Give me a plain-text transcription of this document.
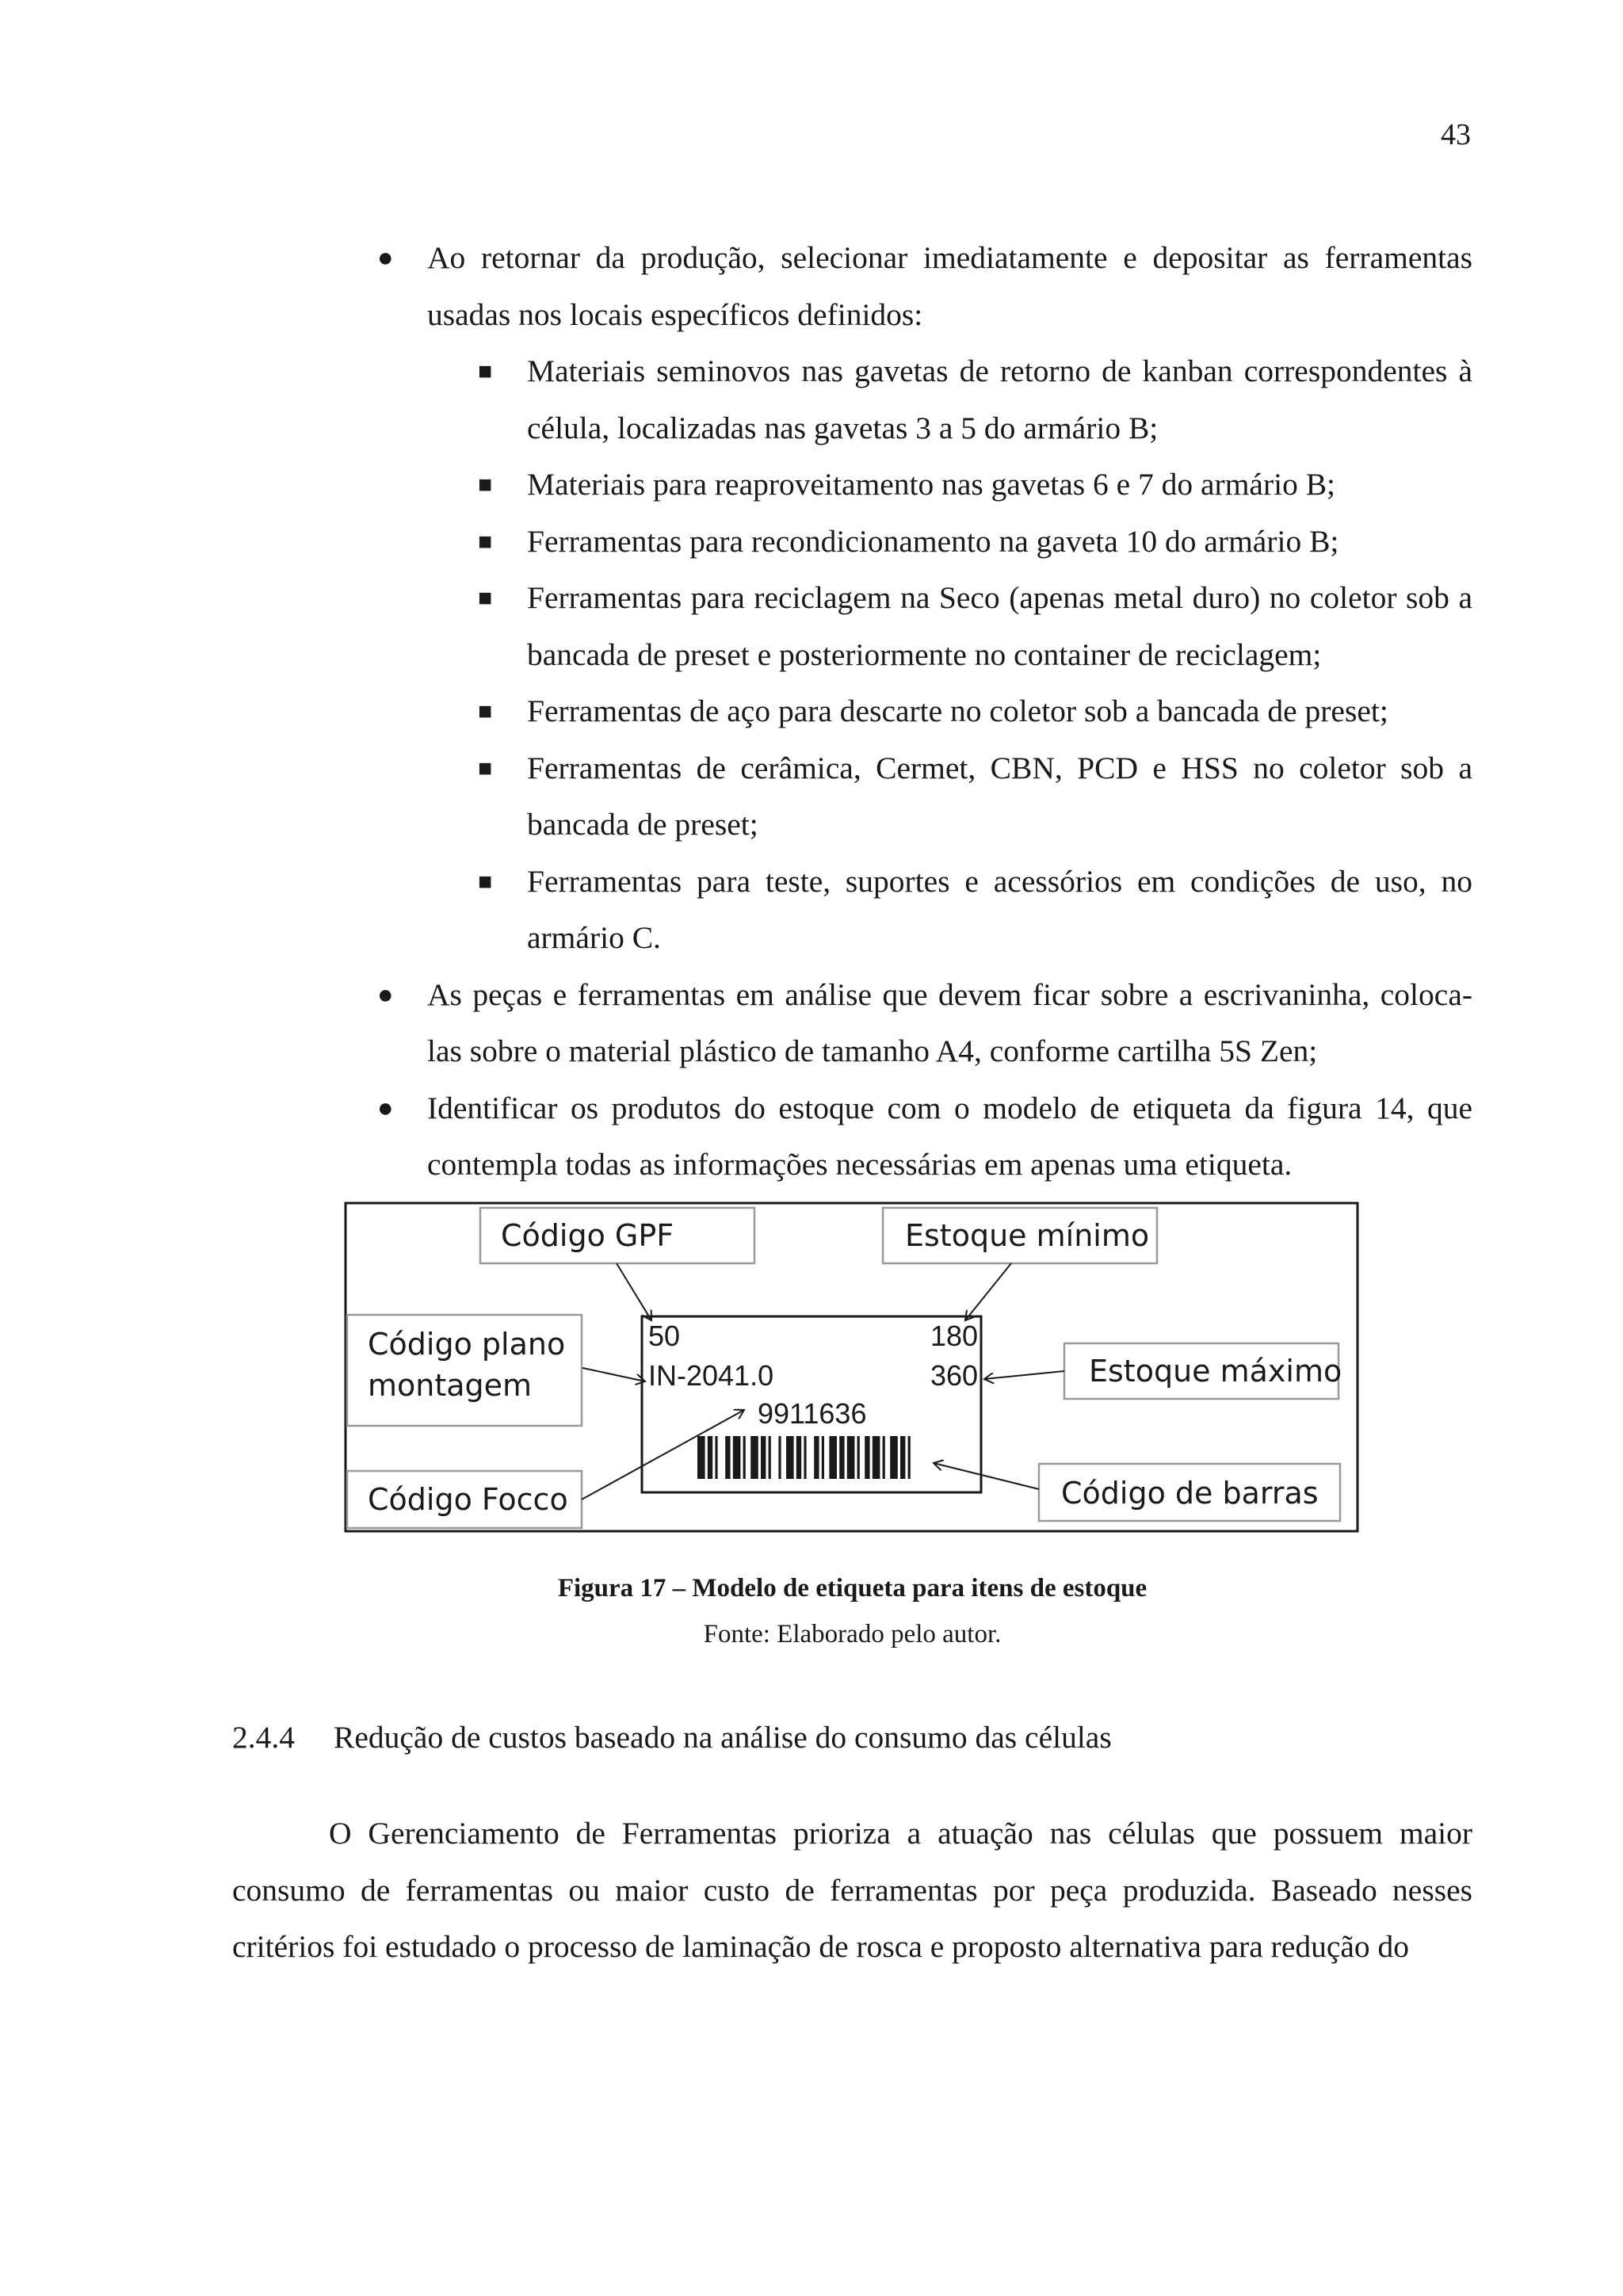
43

● Ao retornar da produção, selecionar imediatamente e depositar as ferramentas usadas nos locais específicos definidos:

■ Materiais seminovos nas gavetas de retorno de kanban correspondentes à célula, localizadas nas gavetas 3 a 5 do armário B;

■ Materiais para reaproveitamento nas gavetas 6 e 7 do armário B;

■ Ferramentas para recondicionamento na gaveta 10 do armário B;

■ Ferramentas para reciclagem na Seco (apenas metal duro) no coletor sob a bancada de preset e posteriormente no container de reciclagem;

■ Ferramentas de aço para descarte no coletor sob a bancada de preset;

■ Ferramentas de cerâmica, Cermet, CBN, PCD e HSS no coletor sob a bancada de preset;

■ Ferramentas para teste, suportes e acessórios em condições de uso, no armário C.

● As peças e ferramentas em análise que devem ficar sobre a escrivaninha, coloca-las sobre o material plástico de tamanho A4, conforme cartilha 5S Zen;

● Identificar os produtos do estoque com o modelo de etiqueta da figura 14, que contempla todas as informações necessárias em apenas uma etiqueta.

Código GPF	Estoque mínimo
Código plano
montagem	Estoque máximo
Código Focco	Código de barras
50	180
IN-2041.0	360
9911636
Figura 17 – Modelo de etiqueta para itens de estoque
Fonte: Elaborado pelo autor.
2.4.4 Redução de custos baseado na análise do consumo das células

O Gerenciamento de Ferramentas prioriza a atuação nas células que possuem maior consumo de ferramentas ou maior custo de ferramentas por peça produzida. Baseado nesses critérios foi estudado o processo de laminação de rosca e proposto alternativa para redução do
